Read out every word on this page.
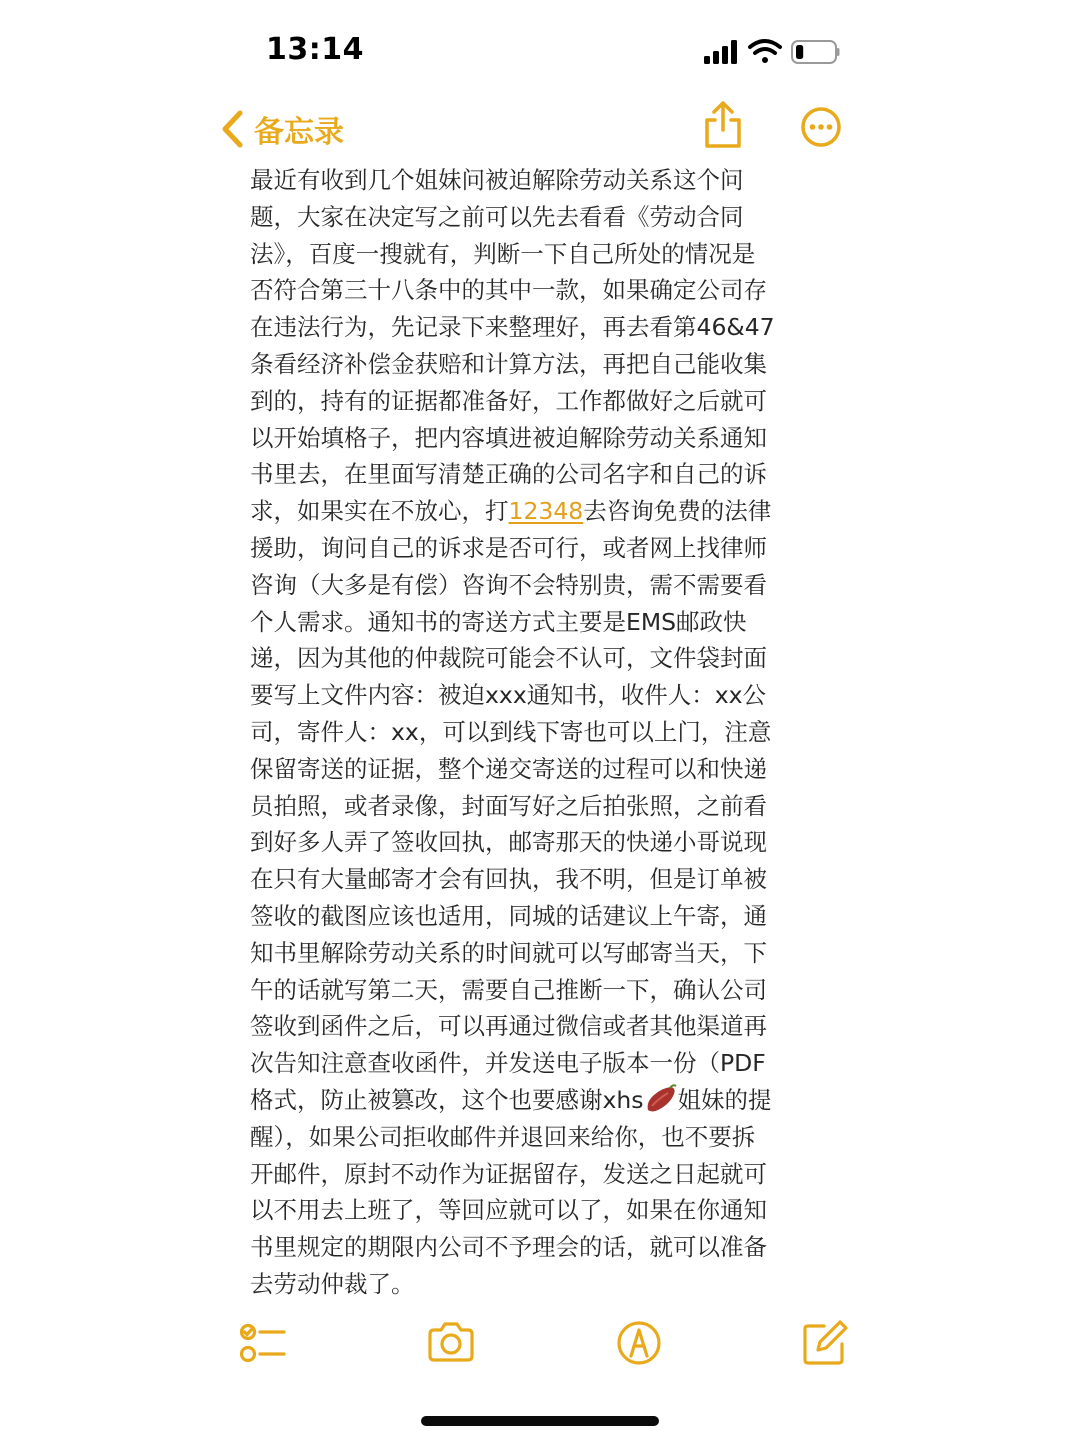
13:14
备忘录
最近有收到几个姐妹问被迫解除劳动关系这个问
题，大家在决定写之前可以先去看看《劳动合同
法》，百度一搜就有，判断一下自己所处的情况是
否符合第三十八条中的其中一款，如果确定公司存
在违法行为，先记录下来整理好，再去看第46&47
条看经济补偿金获赔和计算方法，再把自己能收集
到的，持有的证据都准备好，工作都做好之后就可
以开始填格子，把内容填进被迫解除劳动关系通知
书里去，在里面写清楚正确的公司名字和自己的诉
求，如果实在不放心，打12348去咨询免费的法律
援助，询问自己的诉求是否可行，或者网上找律师
咨询（大多是有偿）咨询不会特别贵，需不需要看
个人需求。通知书的寄送方式主要是EMS邮政快
递，因为其他的仲裁院可能会不认可，文件袋封面
要写上文件内容：被迫xxx通知书，收件人：xx公
司，寄件人：xx，可以到线下寄也可以上门，注意
保留寄送的证据，整个递交寄送的过程可以和快递
员拍照，或者录像，封面写好之后拍张照，之前看
到好多人弄了签收回执，邮寄那天的快递小哥说现
在只有大量邮寄才会有回执，我不明，但是订单被
签收的截图应该也适用，同城的话建议上午寄，通
知书里解除劳动关系的时间就可以写邮寄当天，下
午的话就写第二天，需要自己推断一下，确认公司
签收到函件之后，可以再通过微信或者其他渠道再
次告知注意查收函件，并发送电子版本一份（PDF
格式，防止被篡改，这个也要感谢xhs 姐妹的提
醒），如果公司拒收邮件并退回来给你，也不要拆
开邮件，原封不动作为证据留存，发送之日起就可
以不用去上班了，等回应就可以了，如果在你通知
书里规定的期限内公司不予理会的话，就可以准备
去劳动仲裁了。
